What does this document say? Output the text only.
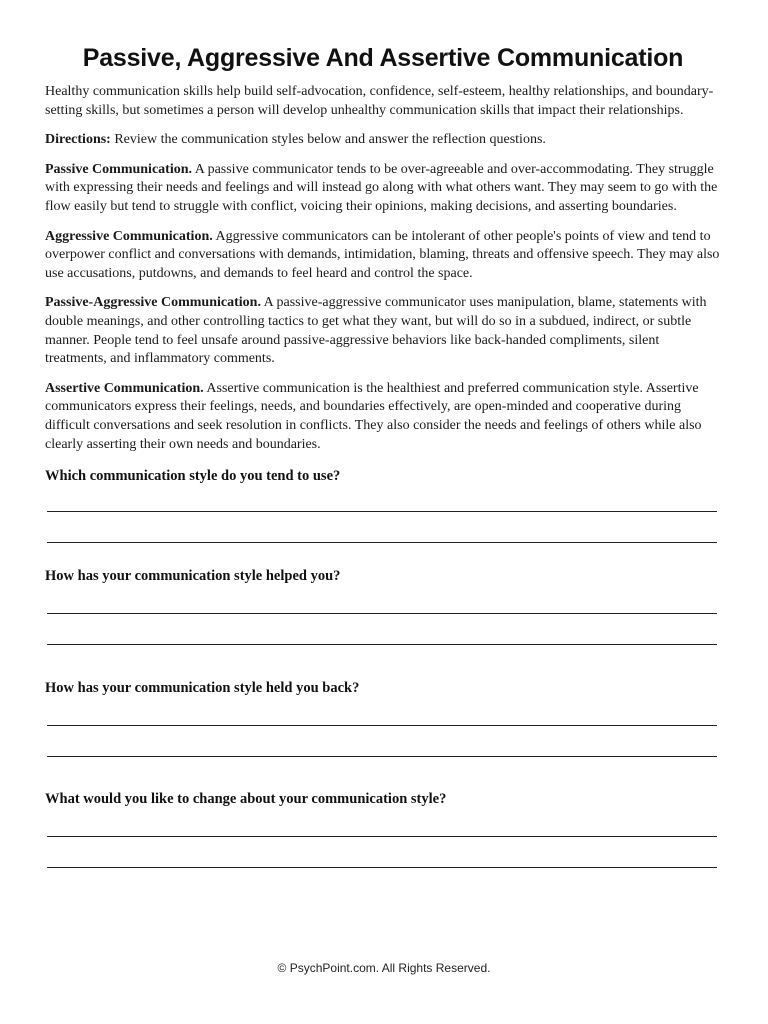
Passive, Aggressive And Assertive Communication

Healthy communication skills help build self-advocation, confidence, self-esteem, healthy relationships, and boundary-setting skills, but sometimes a person will develop unhealthy communication skills that impact their relationships.

Directions: Review the communication styles below and answer the reflection questions.

Passive Communication. A passive communicator tends to be over-agreeable and over-accommodating. They struggle with expressing their needs and feelings and will instead go along with what others want. They may seem to go with the flow easily but tend to struggle with conflict, voicing their opinions, making decisions, and asserting boundaries.

Aggressive Communication. Aggressive communicators can be intolerant of other people's points of view and tend to overpower conflict and conversations with demands, intimidation, blaming, threats and offensive speech. They may also use accusations, putdowns, and demands to feel heard and control the space.

Passive-Aggressive Communication. A passive-aggressive communicator uses manipulation, blame, statements with double meanings, and other controlling tactics to get what they want, but will do so in a subdued, indirect, or subtle manner. People tend to feel unsafe around passive-aggressive behaviors like back-handed compliments, silent treatments, and inflammatory comments.

Assertive Communication. Assertive communication is the healthiest and preferred communication style. Assertive communicators express their feelings, needs, and boundaries effectively, are open-minded and cooperative during difficult conversations and seek resolution in conflicts. They also consider the needs and feelings of others while also clearly asserting their own needs and boundaries.

Which communication style do you tend to use?

How has your communication style helped you?

How has your communication style held you back?

What would you like to change about your communication style?

© PsychPoint.com. All Rights Reserved.
